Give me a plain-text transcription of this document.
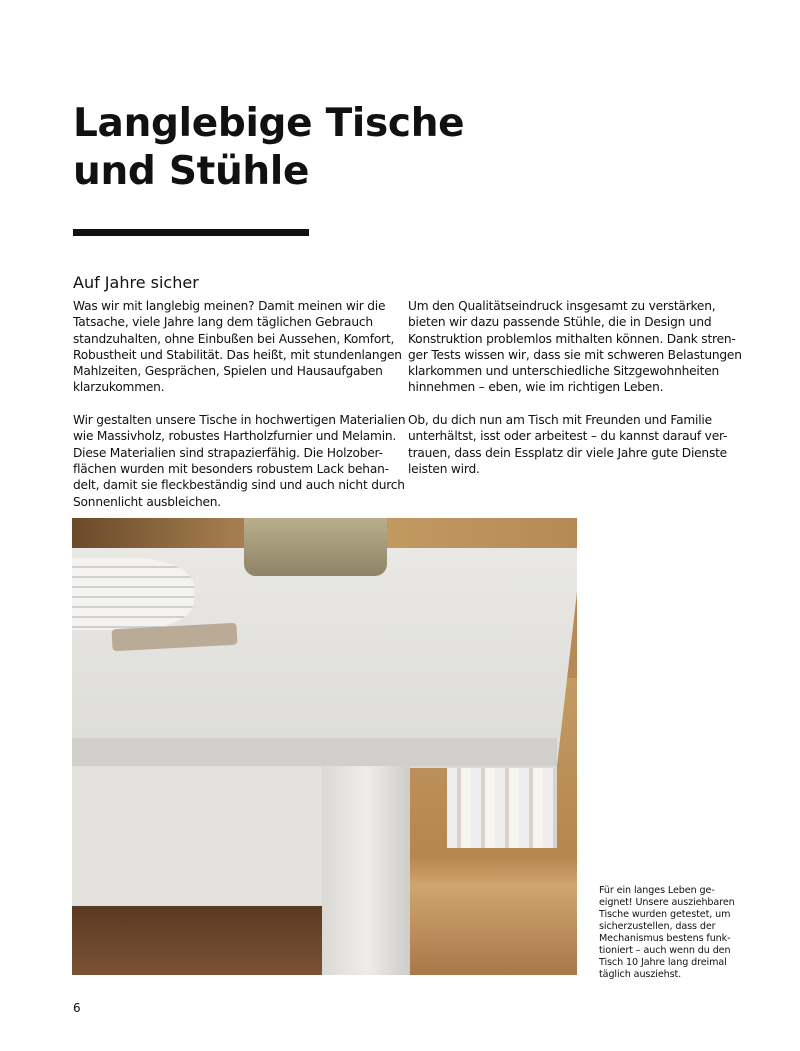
Langlebige Tische
und Stühle
Auf Jahre sicher

Was wir mit langlebig meinen? Damit meinen wir die
Tatsache, viele Jahre lang dem täglichen Gebrauch
standzuhalten, ohne Einbußen bei Aussehen, Komfort,
Robustheit und Stabilität. Das heißt, mit stundenlangen
Mahlzeiten, Gesprächen, Spielen und Hausaufgaben
klarzukommen.

Wir gestalten unsere Tische in hochwertigen Materialien
wie Massivholz, robustes Hartholzfurnier und Melamin.
Diese Materialien sind strapazierfähig. Die Holzober-
flächen wurden mit besonders robustem Lack behan-
delt, damit sie fleckbeständig sind und auch nicht durch
Sonnenlicht ausbleichen.

Um den Qualitätseindruck insgesamt zu verstärken,
bieten wir dazu passende Stühle, die in Design und
Konstruktion problemlos mithalten können. Dank stren-
ger Tests wissen wir, dass sie mit schweren Belastungen
klarkommen und unterschiedliche Sitzgewohnheiten
hinnehmen – eben, wie im richtigen Leben.

Ob, du dich nun am Tisch mit Freunden und Familie
unterhältst, isst oder arbeitest – du kannst darauf ver-
trauen, dass dein Essplatz dir viele Jahre gute Dienste
leisten wird.

Für ein langes Leben ge-
eignet! Unsere ausziehbaren
Tische wurden getestet, um
sicherzustellen, dass der
Mechanismus bestens funk-
tioniert – auch wenn du den
Tisch 10 Jahre lang dreimal
täglich ausziehst.
6
